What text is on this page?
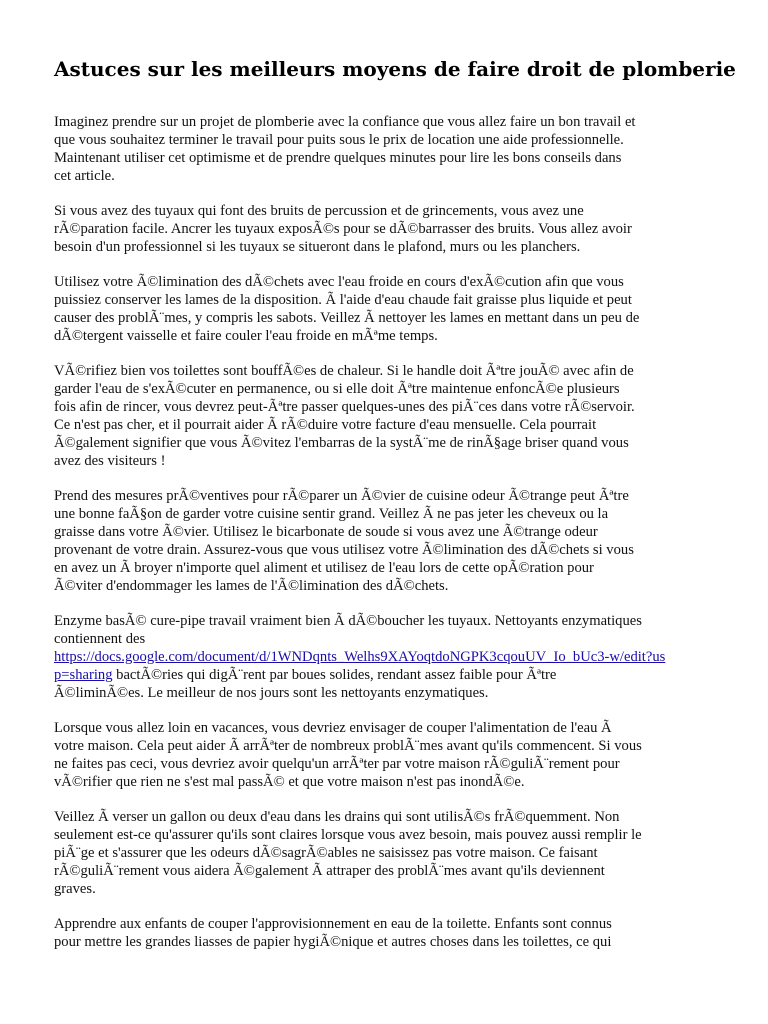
Astuces sur les meilleurs moyens de faire droit de plomberie

Imaginez prendre sur un projet de plomberie avec la confiance que vous allez faire un bon travail et
que vous souhaitez terminer le travail pour puits sous le prix de location une aide professionnelle.
Maintenant utiliser cet optimisme et de prendre quelques minutes pour lire les bons conseils dans
cet article.

Si vous avez des tuyaux qui font des bruits de percussion et de grincements, vous avez une
rÃ©paration facile. Ancrer les tuyaux exposÃ©s pour se dÃ©barrasser des bruits. Vous allez avoir
besoin d'un professionnel si les tuyaux se situeront dans le plafond, murs ou les planchers.

Utilisez votre Ã©limination des dÃ©chets avec l'eau froide en cours d'exÃ©cution afin que vous
puissiez conserver les lames de la disposition. Ã l'aide d'eau chaude fait graisse plus liquide et peut
causer des problÃ¨mes, y compris les sabots. Veillez Ã nettoyer les lames en mettant dans un peu de
dÃ©tergent vaisselle et faire couler l'eau froide en mÃªme temps.

VÃ©rifiez bien vos toilettes sont bouffÃ©es de chaleur. Si le handle doit Ãªtre jouÃ© avec afin de
garder l'eau de s'exÃ©cuter en permanence, ou si elle doit Ãªtre maintenue enfoncÃ©e plusieurs
fois afin de rincer, vous devrez peut-Ãªtre passer quelques-unes des piÃ¨ces dans votre rÃ©servoir.
Ce n'est pas cher, et il pourrait aider Ã rÃ©duire votre facture d'eau mensuelle. Cela pourrait
Ã©galement signifier que vous Ã©vitez l'embarras de la systÃ¨me de rinÃ§age briser quand vous
avez des visiteurs !

Prend des mesures prÃ©ventives pour rÃ©parer un Ã©vier de cuisine odeur Ã©trange peut Ãªtre
une bonne faÃ§on de garder votre cuisine sentir grand. Veillez Ã ne pas jeter les cheveux ou la
graisse dans votre Ã©vier. Utilisez le bicarbonate de soude si vous avez une Ã©trange odeur
provenant de votre drain. Assurez-vous que vous utilisez votre Ã©limination des dÃ©chets si vous
en avez un Ã broyer n'importe quel aliment et utilisez de l'eau lors de cette opÃ©ration pour
Ã©viter d'endommager les lames de l'Ã©limination des dÃ©chets.

Enzyme basÃ© cure-pipe travail vraiment bien Ã dÃ©boucher les tuyaux. Nettoyants enzymatiques
contiennent des
https://docs.google.com/document/d/1WNDqnts_Welhs9XAYoqtdoNGPK3cqouUV_Io_bUc3-w/edit?us
p=sharing bactÃ©ries qui digÃ¨rent par boues solides, rendant assez faible pour Ãªtre
Ã©liminÃ©es. Le meilleur de nos jours sont les nettoyants enzymatiques.

Lorsque vous allez loin en vacances, vous devriez envisager de couper l'alimentation de l'eau Ã
votre maison. Cela peut aider Ã arrÃªter de nombreux problÃ¨mes avant qu'ils commencent. Si vous
ne faites pas ceci, vous devriez avoir quelqu'un arrÃªter par votre maison rÃ©guliÃ¨rement pour
vÃ©rifier que rien ne s'est mal passÃ© et que votre maison n'est pas inondÃ©e.

Veillez Ã verser un gallon ou deux d'eau dans les drains qui sont utilisÃ©s frÃ©quemment. Non
seulement est-ce qu'assurer qu'ils sont claires lorsque vous avez besoin, mais pouvez aussi remplir le
piÃ¨ge et s'assurer que les odeurs dÃ©sagrÃ©ables ne saisissez pas votre maison. Ce faisant
rÃ©guliÃ¨rement vous aidera Ã©galement Ã attraper des problÃ¨mes avant qu'ils deviennent
graves.

Apprendre aux enfants de couper l'approvisionnement en eau de la toilette. Enfants sont connus
pour mettre les grandes liasses de papier hygiÃ©nique et autres choses dans les toilettes, ce qui
